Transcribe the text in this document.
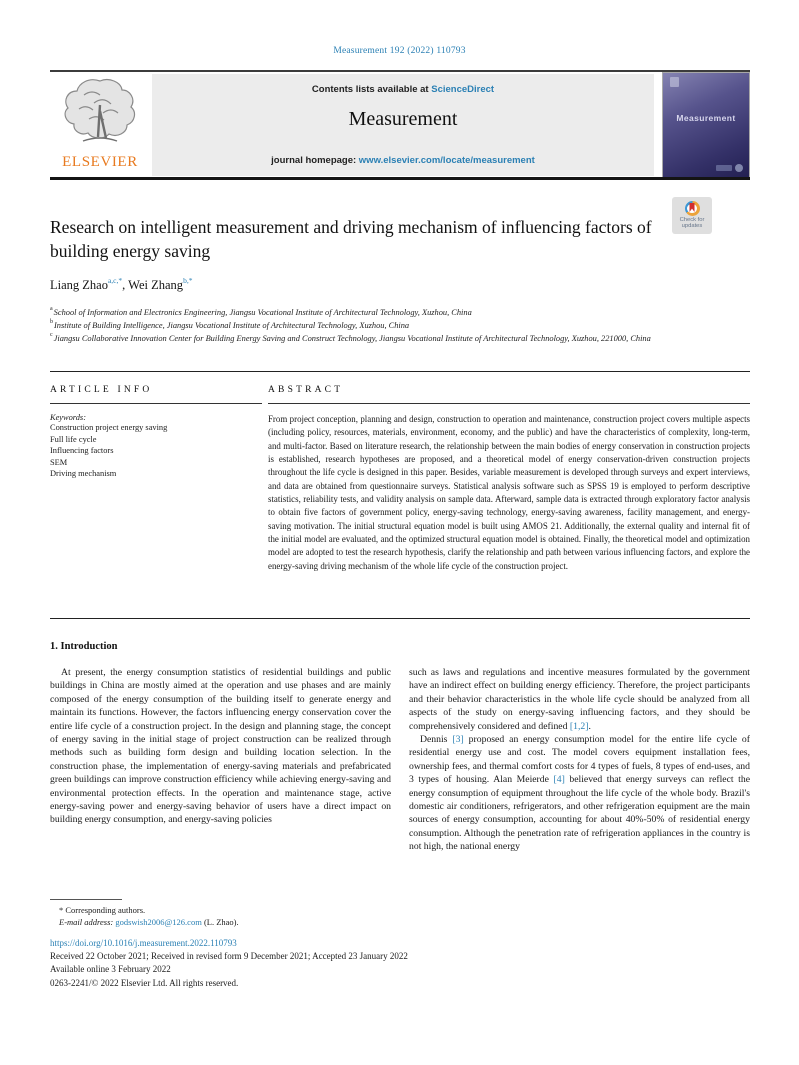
Measurement 192 (2022) 110793
ELSEVIER
Contents lists available at ScienceDirect
Measurement
journal homepage: www.elsevier.com/locate/measurement
Measurement
Check for updates
Research on intelligent measurement and driving mechanism of influencing factors of building energy saving
Liang Zhao$^{a,c,*}$, Wei Zhang$^{b,*}$
$^a$School of Information and Electronics Engineering, Jiangsu Vocational Institute of Architectural Technology, Xuzhou, China
$^b$Institute of Building Intelligence, Jiangsu Vocational Institute of Architectural Technology, Xuzhou, China
$^c$Jiangsu Collaborative Innovation Center for Building Energy Saving and Construct Technology, Jiangsu Vocational Institute of Architectural Technology, Xuzhou, 221000, China
ARTICLE INFO
Keywords:
Construction project energy saving
Full life cycle
Influencing factors
SEM
Driving mechanism
ABSTRACT
From project conception, planning and design, construction to operation and maintenance, construction project covers multiple aspects (including policy, resources, materials, environment, economy, and the public) and have the characteristics of complexity, long-term, and multi-factor. Based on literature research, the relationship between the main bodies of energy conservation in construction projects is established, research hypotheses are proposed, and a theoretical model of energy conservation-driven construction projects throughout the life cycle is designed in this paper. Besides, variable measurement is developed through surveys and expert interviews, and data are obtained from questionnaire surveys. Statistical analysis software such as SPSS 19 is employed to perform descriptive statistics, reliability tests, and validity analysis on sample data. Afterward, sample data is extracted through exploratory factor analysis to obtain five factors of government policy, energy-saving technology, energy-saving awareness, facility management, and energy-saving motivation. The initial structural equation model is built using AMOS 21. Additionally, the external quality and internal fit of the initial model are evaluated, and the optimized structural equation model is obtained. Finally, the theoretical model and optimization model are adopted to test the research hypothesis, clarify the relationship and path between various influencing factors, and explore the energy-saving driving mechanism of the whole life cycle of the construction project.
1. Introduction

At present, the energy consumption statistics of residential buildings and public buildings in China are mostly aimed at the operation and use phases and are mainly composed of the energy consumption of the building itself to generate energy and maintain its functions. However, the factors influencing energy conservation cover the entire life cycle of a construction project. In the design and planning stage, the concept of energy saving in the initial stage of project construction can be realized through methods such as building form design and building location selection. In the construction phase, the implementation of energy-saving materials and prefabricated green buildings can improve construction efficiency while achieving energy-saving and environmental protection effects. In the operation and maintenance stage, active energy-saving power and energy-saving behavior of users have a direct impact on building energy consumption, and energy-saving policies

such as laws and regulations and incentive measures formulated by the government have an indirect effect on building energy efficiency. Therefore, the project participants and their behavior characteristics in the whole life cycle should be analyzed from all aspects of the study on energy-saving influencing factors, and they should be comprehensively considered and defined [1,2].

Dennis [3] proposed an energy consumption model for the entire life cycle of residential energy use and cost. The model covers equipment installation fees, ownership fees, and thermal comfort costs for 4 types of fuels, 8 types of end-uses, and 3 types of housing. Alan Meierde [4] believed that energy surveys can reflect the energy consumption of equipment throughout the life cycle of the whole body. Brazil's domestic air conditioners, refrigerators, and other refrigeration equipment are the main sources of energy consumption, accounting for about 40%-50% of residential energy consumption. Although the penetration rate of refrigeration appliances in the country is not high, the national energy

* Corresponding authors.
E-mail address: godswish2006@126.com (L. Zhao).
https://doi.org/10.1016/j.measurement.2022.110793
Received 22 October 2021; Received in revised form 9 December 2021; Accepted 23 January 2022
Available online 3 February 2022
0263-2241/© 2022 Elsevier Ltd. All rights reserved.
